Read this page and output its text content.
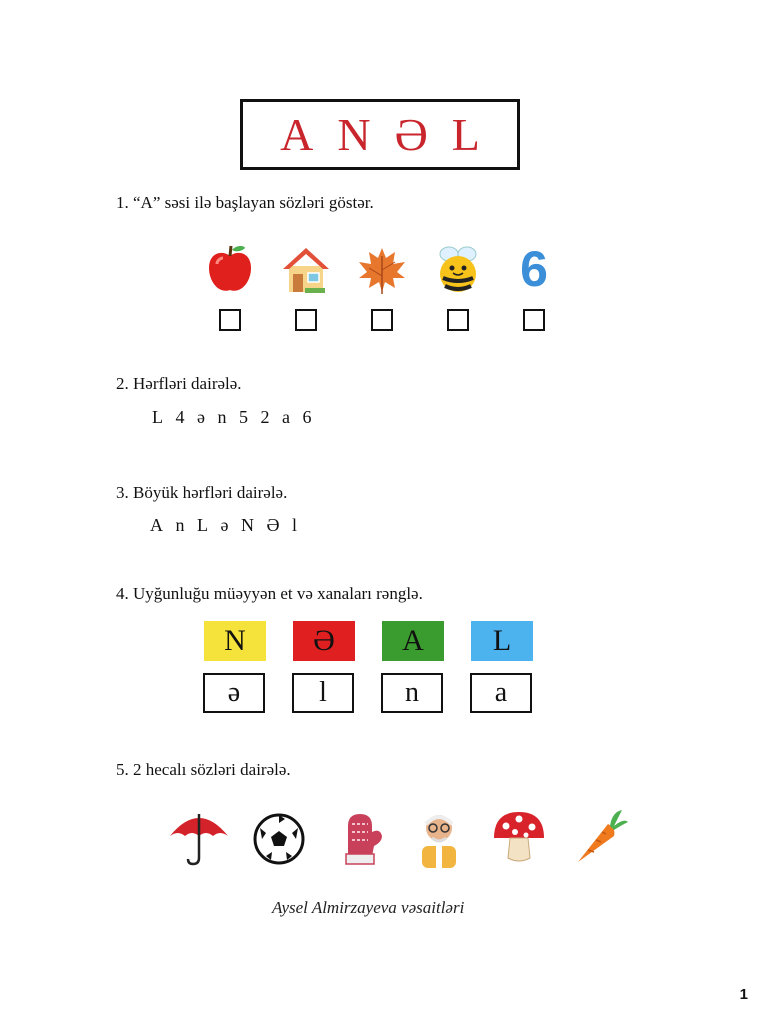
A N Ə L
1. “A” səsi ilə başlayan sözləri göstər.
6
2. Hərfləri dairələ.
L 4 ə n 5 2 a 6
3. Böyük hərfləri dairələ.
A n L ə N Ə l
4. Uyğunluğu müəyyən et və xanaları rənglə.
N Ə A L
ə	l	n	a
5. 2 hecalı sözləri dairələ.
Aysel Almirzayeva vəsaitləri
1
